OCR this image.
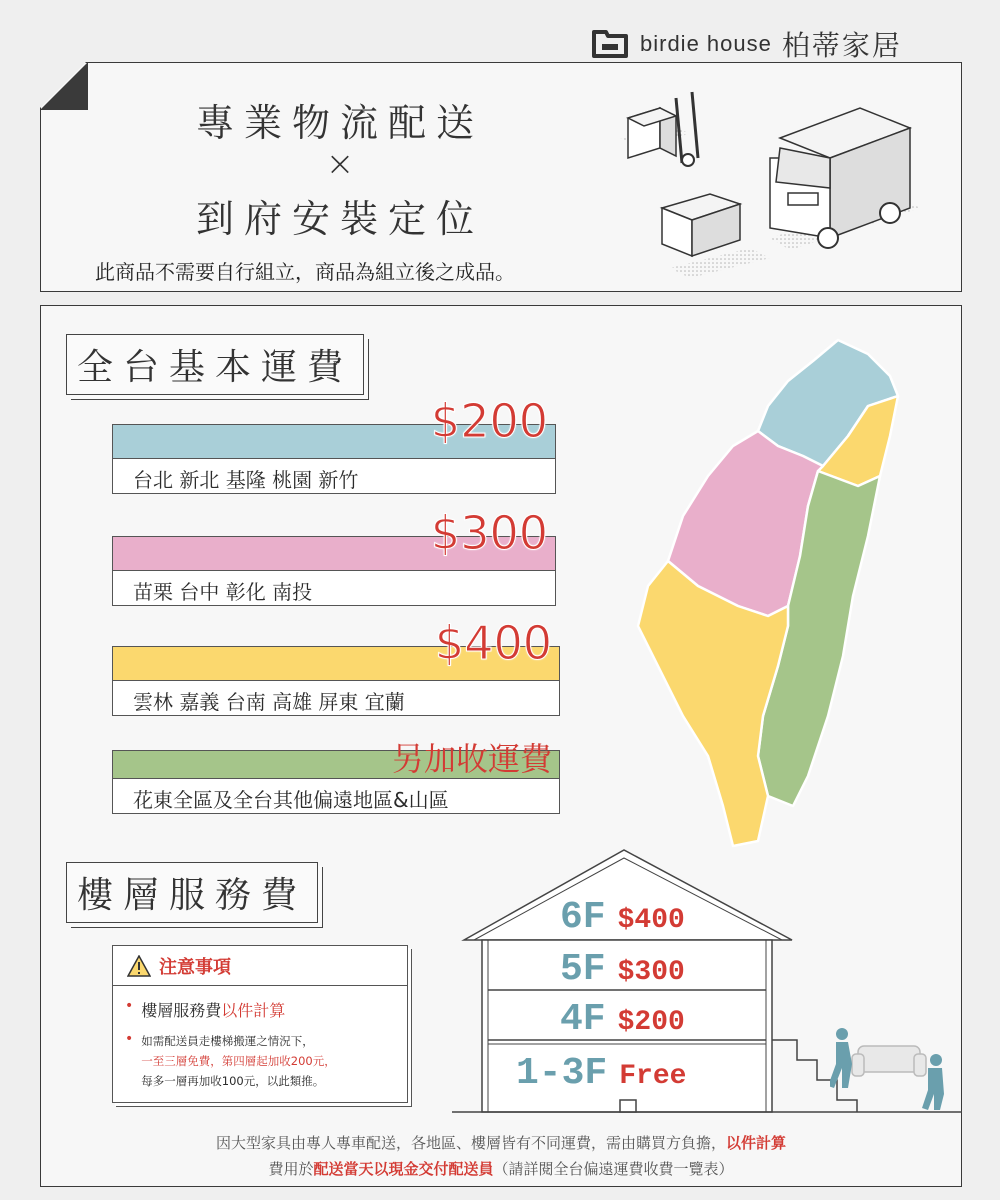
birdie house 柏蒂家居
專業物流配送
×
到府安裝定位
此商品不需要自行組立，商品為組立後之成品。
全台基本運費
台北 新北 基隆 桃園 新竹
$200
苗栗 台中 彰化 南投
$300
雲林 嘉義 台南 高雄 屏東 宜蘭
$400
花東全區及全台其他偏遠地區&山區
另加收運費
樓層服務費
注意事項
• 樓層服務費以件計算
• 如需配送員走樓梯搬運之情況下，
一至三層免費，第四層起加收200元，
每多一層再加收100元，以此類推。
6F $400
5F $300
4F $200
1-3F Free
因大型家具由專人專車配送，各地區、樓層皆有不同運費，需由購買方負擔，以件計算
費用於配送當天以現金交付配送員（請詳閱全台偏遠運費收費一覽表）
